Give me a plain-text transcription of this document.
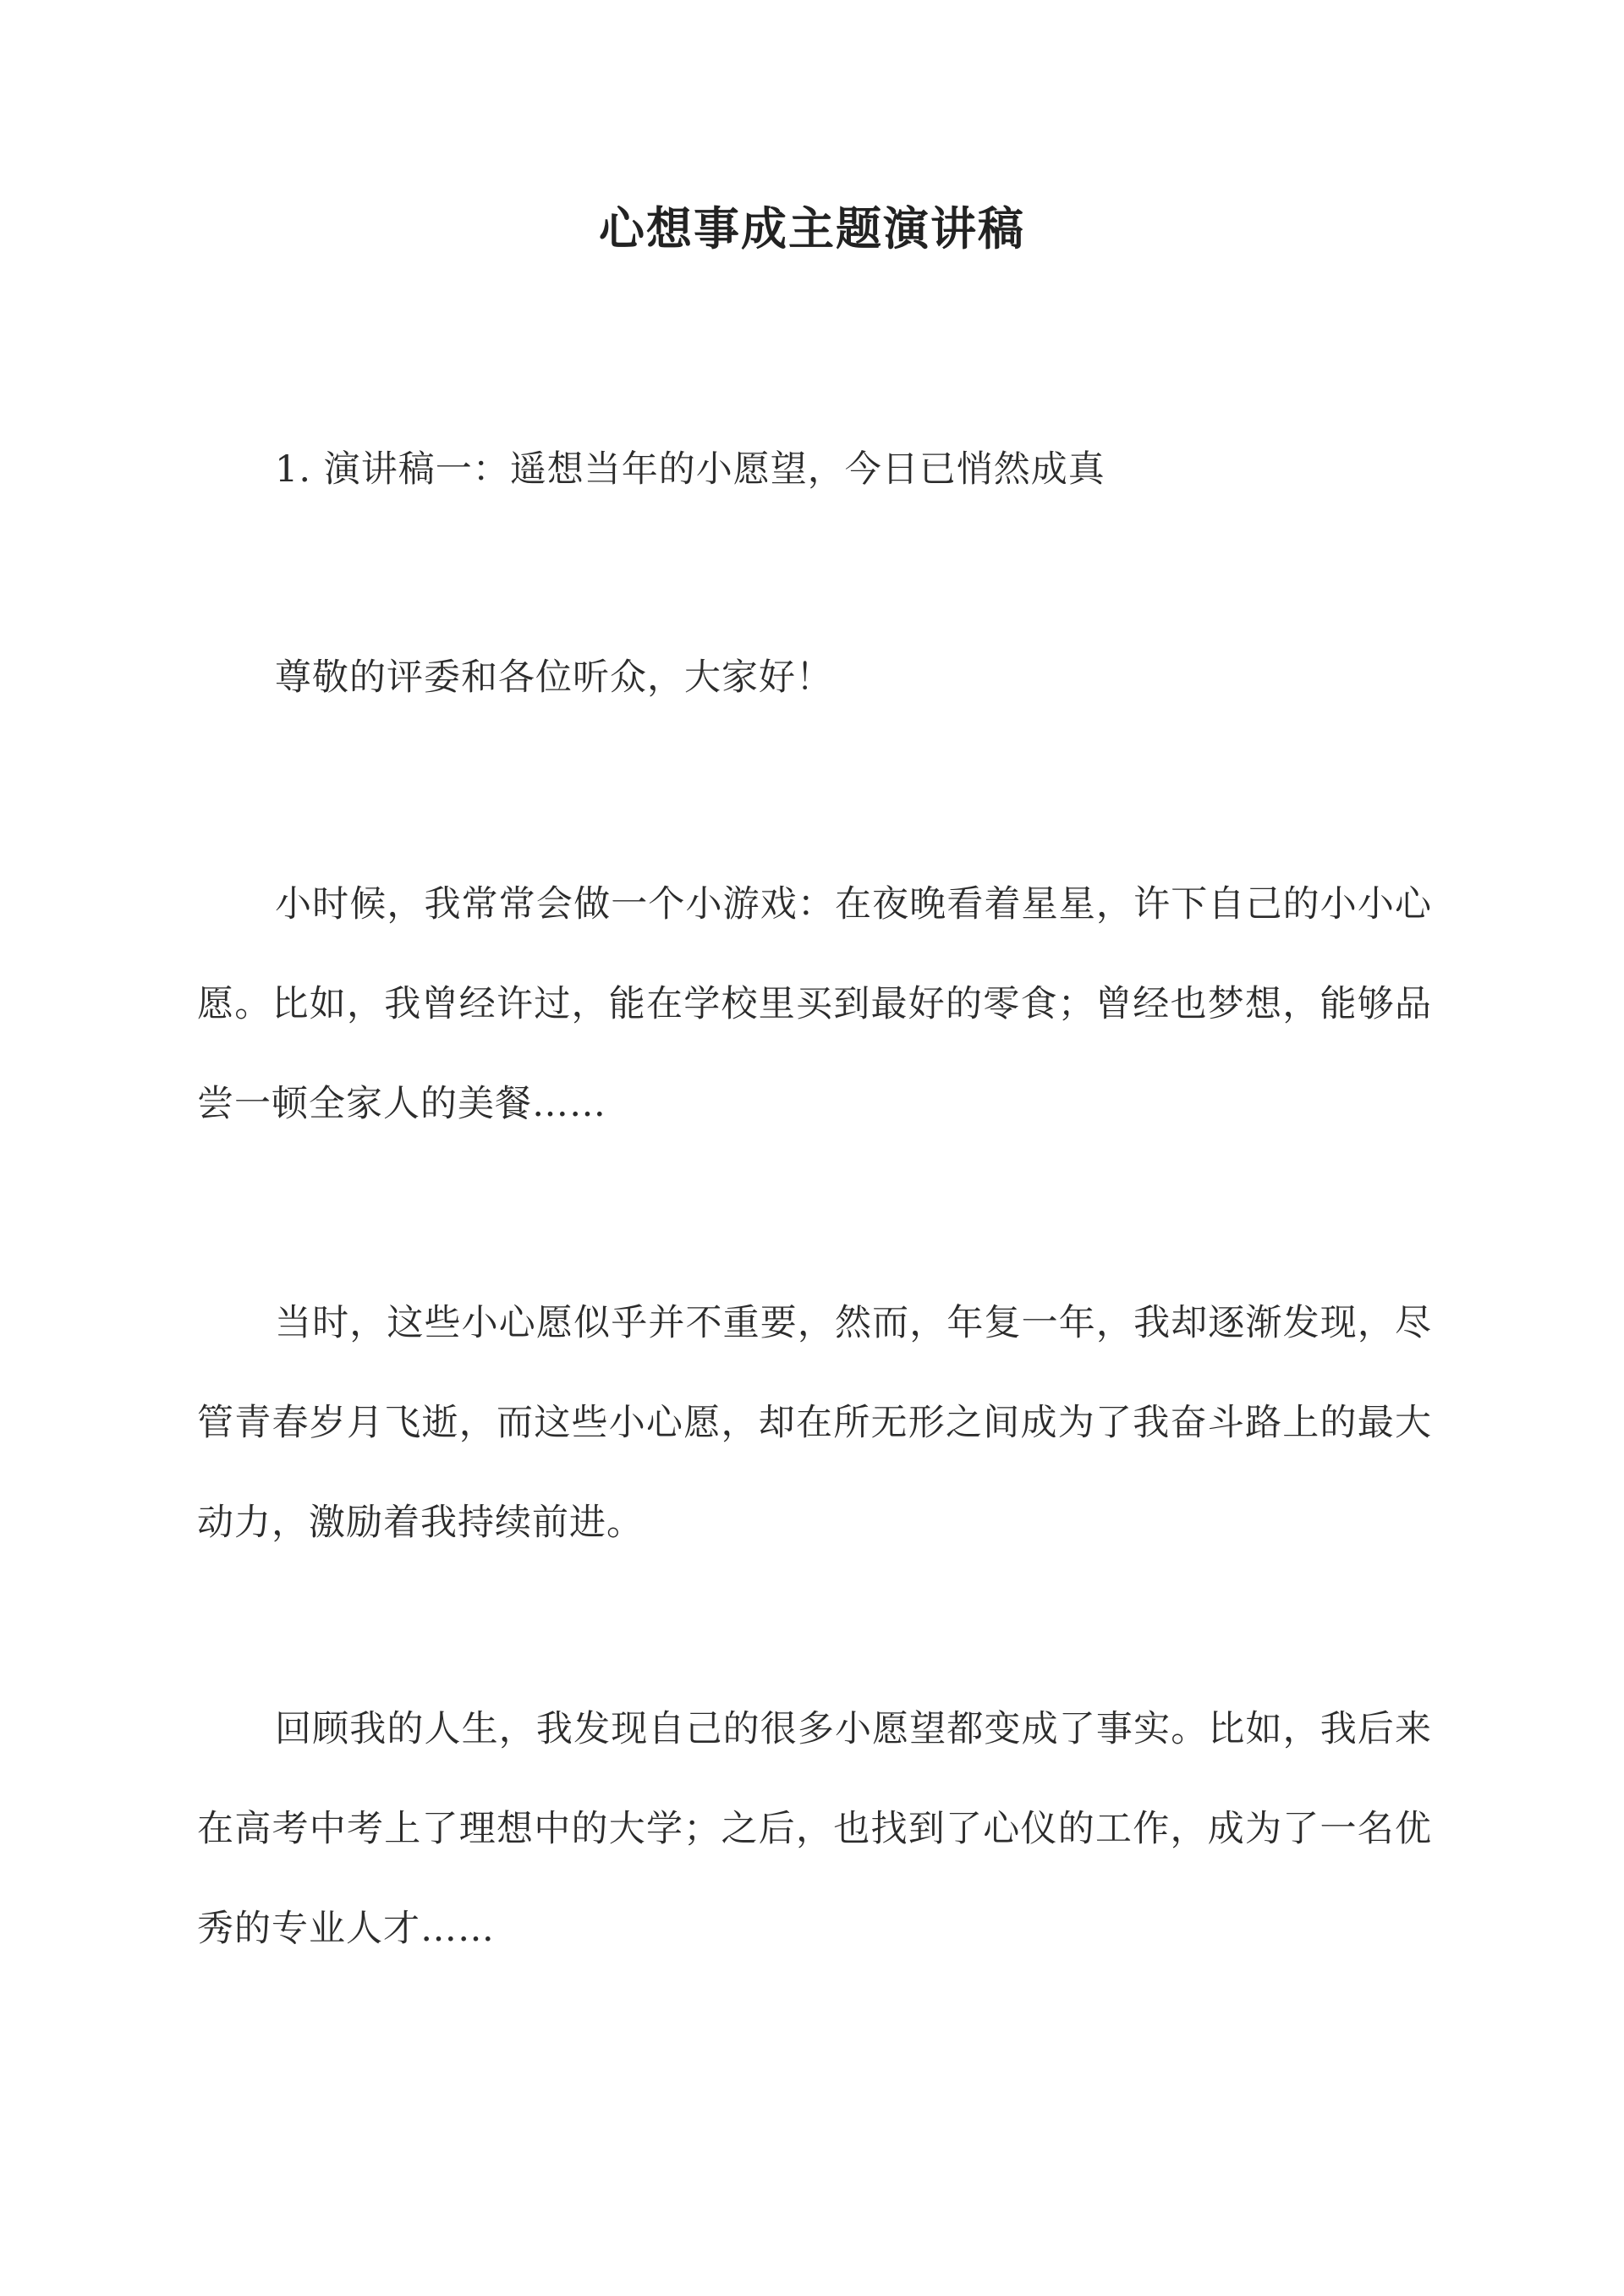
心想事成主题演讲稿
1. 演讲稿一：遥想当年的小愿望，今日已悄然成真

尊敬的评委和各位听众，大家好！

小时候，我常常会做一个小游戏：在夜晚看着星星，许下自己的小小心愿。比如，我曾经许过，能在学校里买到最好的零食；曾经也梦想，能够品尝一顿全家人的美餐……

当时，这些小心愿似乎并不重要，然而，年复一年，我却逐渐发现，尽管青春岁月飞逝，而这些小心愿，却在所无形之间成为了我奋斗路上的最大动力，激励着我持续前进。

回顾我的人生，我发现自己的很多小愿望都变成了事实。比如，我后来在高考中考上了理想中的大学；之后，也找到了心仪的工作，成为了一名优秀的专业人才……
